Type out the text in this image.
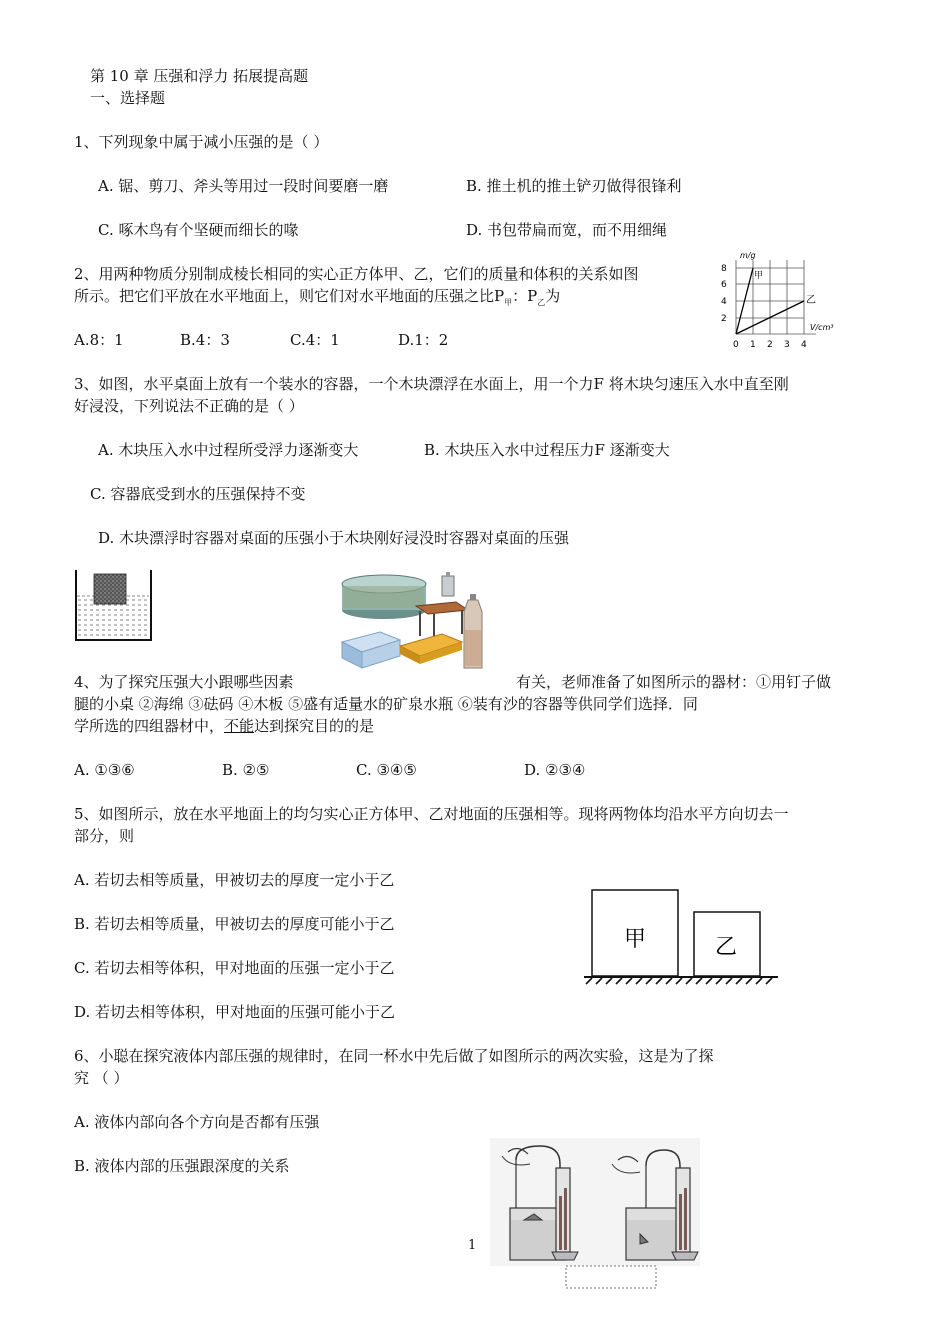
第 10 章 压强和浮力 拓展提高题
一、选择题
1、下列现象中属于减小压强的是（ ）
A. 锯、剪刀、斧头等用过一段时间要磨一磨	B. 推土机的推土铲刃做得很锋利
C. 啄木鸟有个坚硬而细长的喙	D. 书包带扁而宽，而不用细绳
2、用两种物质分别制成棱长相同的实心正方体甲、乙，它们的质量和体积的关系如图
所示。把它们平放在水平地面上，则它们对水平地面的压强之比$P_甲$：$P_乙$为
A.8：1	B.4：3	C.4：1	D.1：2
8
6
4
2
0 1 2 3 4
m/g
V/cm³
甲
乙
3、如图，水平桌面上放有一个装水的容器，一个木块漂浮在水面上，用一个力F 将木块匀速压入水中直至刚
好浸没，下列说法不正确的是（ ）
A. 木块压入水中过程所受浮力逐渐变大	B. 木块压入水中过程压力F 逐渐变大
C. 容器底受到水的压强保持不变
D. 木块漂浮时容器对桌面的压强小于木块刚好浸没时容器对桌面的压强
4、为了探究压强大小跟哪些因素	有关，老师准备了如图所示的器材：①用钉子做
腿的小桌 ②海绵 ③砝码 ④木板 ⑤盛有适量水的矿泉水瓶 ⑥装有沙的容器等供同学们选择．同
学所选的四组器材中，不能达到探究目的的是
A. ①③⑥	B. ②⑤	C. ③④⑤	D. ②③④
5、如图所示，放在水平地面上的均匀实心正方体甲、乙对地面的压强相等。现将两物体均沿水平方向切去一
部分，则
A. 若切去相等质量，甲被切去的厚度一定小于乙
B. 若切去相等质量，甲被切去的厚度可能小于乙
C. 若切去相等体积，甲对地面的压强一定小于乙
D. 若切去相等体积，甲对地面的压强可能小于乙
甲	乙
6、小聪在探究液体内部压强的规律时，在同一杯水中先后做了如图所示的两次实验，这是为了探
究 （ ）
A. 液体内部向各个方向是否都有压强
B. 液体内部的压强跟深度的关系
1
